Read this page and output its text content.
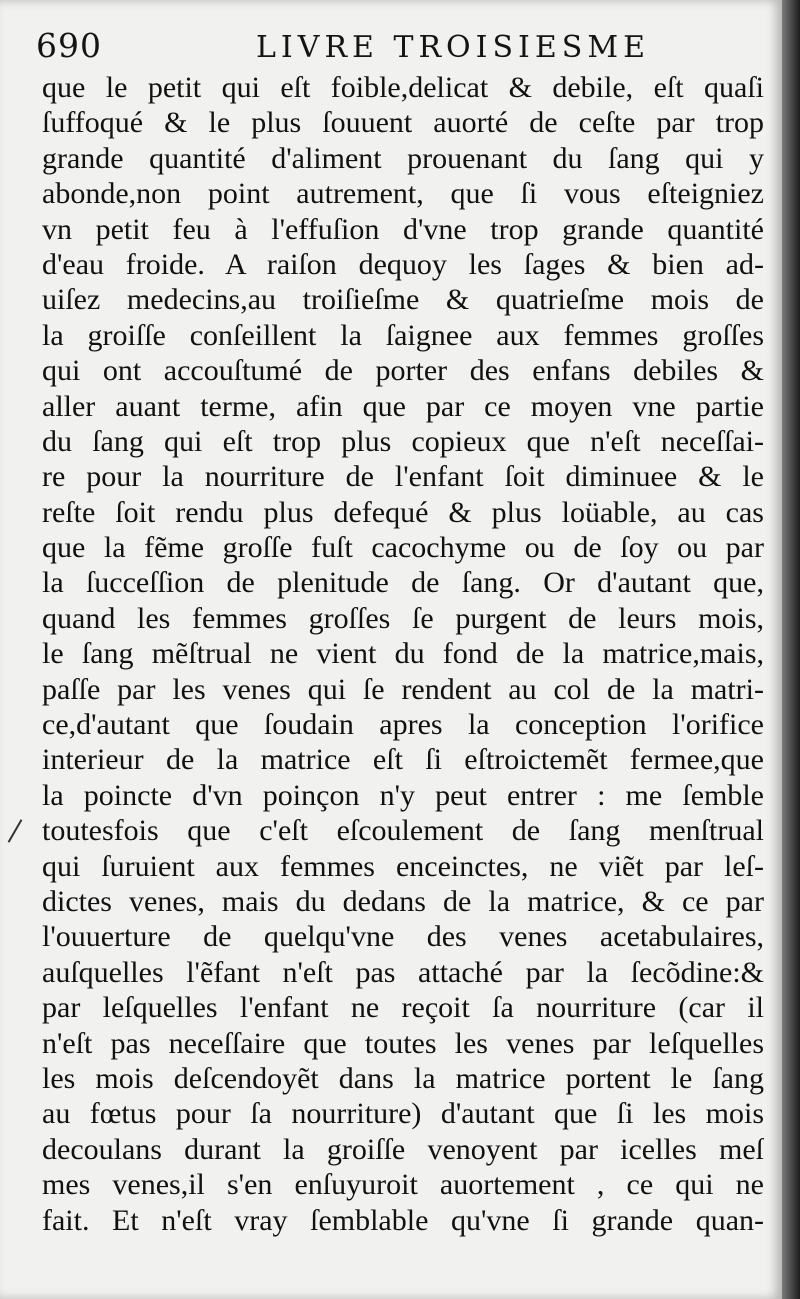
690	LIVRE TROISIESME
que le petit qui eſt foible,delicat & debile, eſt quaſi
ſuffoqué & le plus ſouuent auorté de ceſte par trop
grande quantité d'aliment prouenant du ſang qui y
abonde,non point autrement, que ſi vous eſteigniez
vn petit feu à l'effuſion d'vne trop grande quantité
d'eau froide. A raiſon dequoy les ſages & bien ad-
uiſez medecins,au troiſieſme & quatrieſme mois de
la groiſſe conſeillent la ſaignee aux femmes groſſes
qui ont accouſtumé de porter des enfans debiles &
aller auant terme, afin que par ce moyen vne partie
du ſang qui eſt trop plus copieux que n'eſt neceſſai-
re pour la nourriture de l'enfant ſoit diminuee & le
reſte ſoit rendu plus defequé & plus loüable, au cas
que la fẽme groſſe fuſt cacochyme ou de ſoy ou par
la ſucceſſion de plenitude de ſang. Or d'autant que,
quand les femmes groſſes ſe purgent de leurs mois,
le ſang mẽſtrual ne vient du fond de la matrice,mais,
paſſe par les venes qui ſe rendent au col de la matri-
ce,d'autant que ſoudain apres la conception l'orifice
interieur de la matrice eſt ſi eſtroictemẽt fermee,que
la poincte d'vn poinçon n'y peut entrer : me ſemble
toutesfois que c'eſt eſcoulement de ſang menſtrual
qui ſuruient aux femmes enceinctes, ne viẽt par leſ-
dictes venes, mais du dedans de la matrice, & ce par
l'ouuerture de quelqu'vne des venes acetabulaires,
auſquelles l'ẽfant n'eſt pas attaché par la ſecõdine:&
par leſquelles l'enfant ne reçoit ſa nourriture (car il
n'eſt pas neceſſaire que toutes les venes par leſquelles
les mois deſcendoyẽt dans la matrice portent le ſang
au fœtus pour ſa nourriture) d'autant que ſi les mois
decoulans durant la groiſſe venoyent par icelles meſ
mes venes,il s'en enſuyuroit auortement , ce qui ne
fait. Et n'eſt vray ſemblable qu'vne ſi grande quan-
